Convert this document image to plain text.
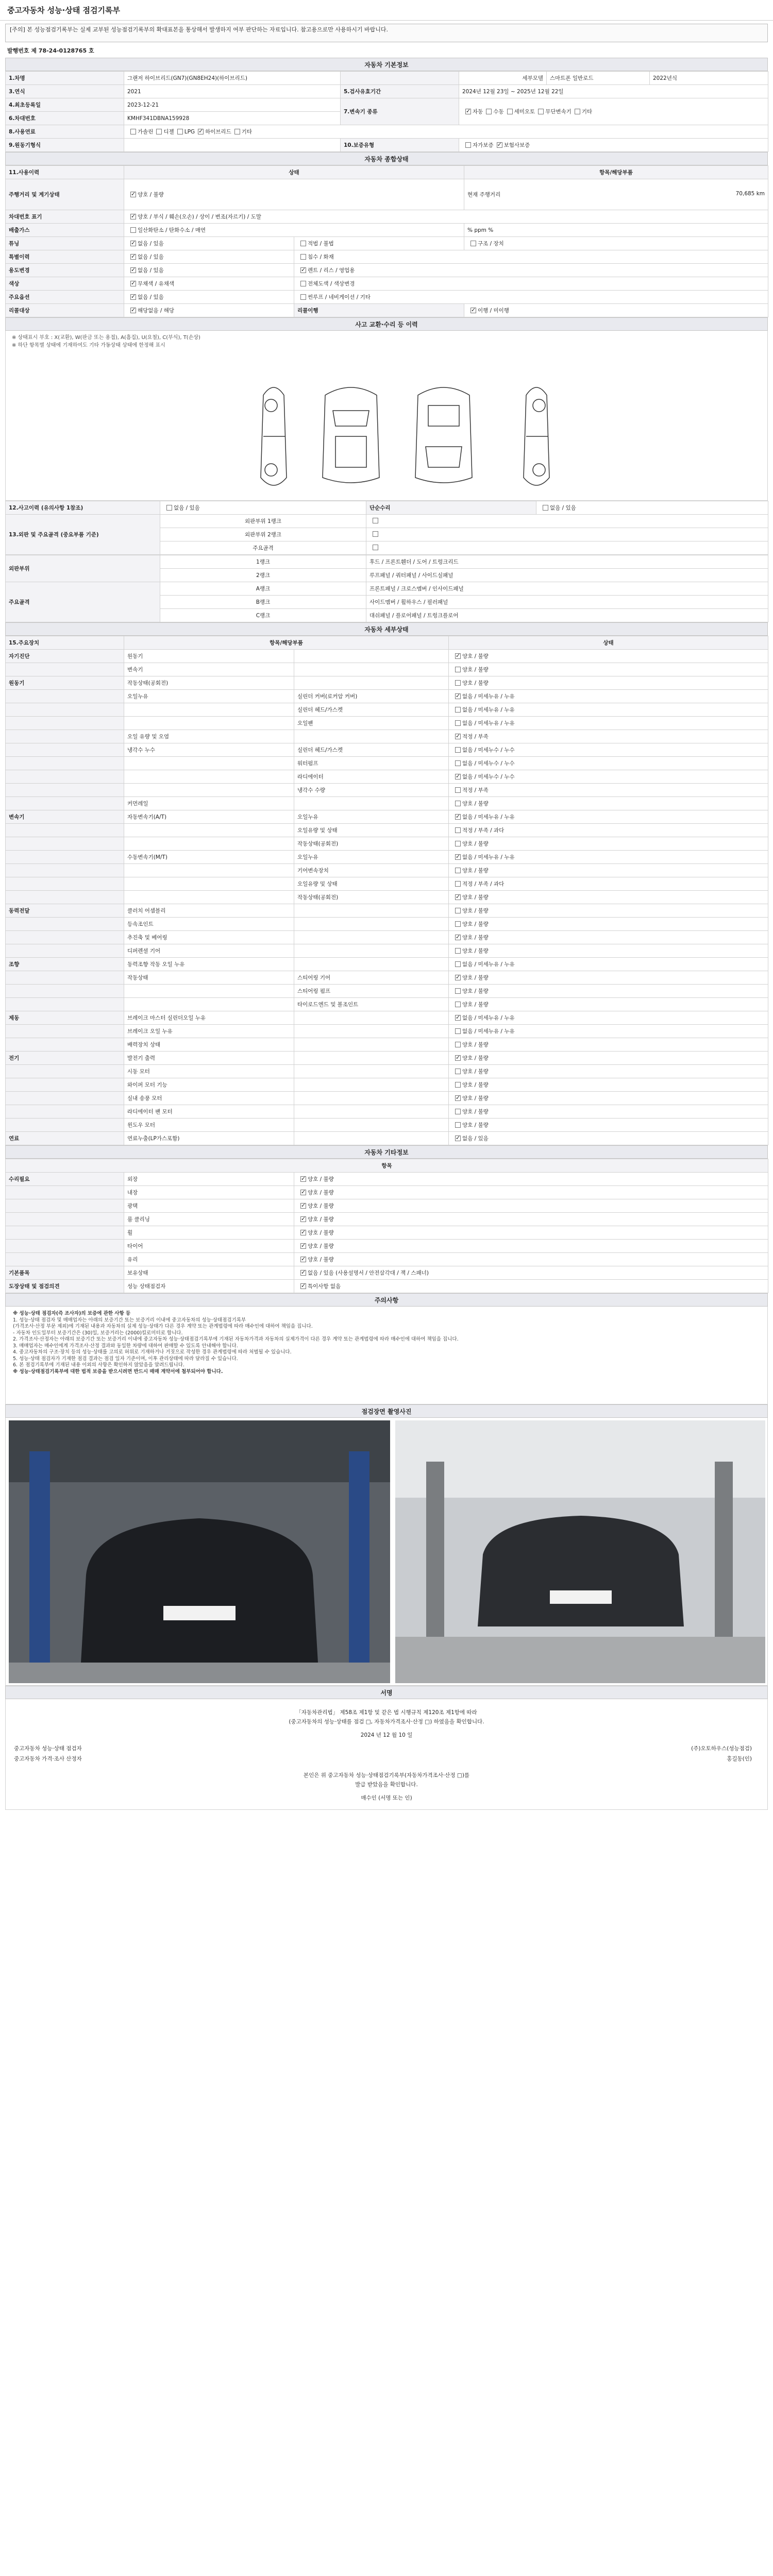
중고자동차 성능·상태 점검기록부
[주의] 본 성능점검기록부는 실제 교부된 성능점검기록부의 확대표본을 통상해서 발생하지 여부 판단하는 자료입니다. 참고용으로만 사용하시기 바랍니다.
발행번호 제 78-24-0128765 호
자동차 기본정보
1.차명	그랜저 하이브리드(GN7)(GN8EH24)(하이브리드)		세부모델	스마트폰 일반로드	2022년식
3.연식	2021	5.검사유효기간	2024년 12월 23일 ~ 2025년 12월 22일		
4.최초등록일	2023-12-21	7.변속기 종류	✓자동 수동 세미오토 무단변속기 기타
6.차대번호	KMHF341DBNA159928				
8.사용연료	가솔린 디젤 LPG ✓ 하이브리드 기타
9.원동기형식		10.보증유형	자가보증 ✓ 보험사보증
자동차 종합상태
11.사용이력	상태		항목/해당부품
주행거리 및 계기상태	✓양호 / 불량		현재 주행거리 70,685 km

차대번호 표기	✓양호 / 부식 / 훼손(오손) / 상이 / 변조(자르기) / 도말
배출가스	일산화탄소 / 탄화수소 / 매연		% ppm %
튜닝	✓없음 / 있음	적법 / 불법	구조 / 장치
특별이력	✓없음 / 있음	침수 / 화재	
용도변경	✓없음 / 있음	✓렌트 / 리스 / 영업용
색상	✓무채색 / 유채색	전체도색 / 색상변경	
주요옵션	✓없음 / 있음	썬루프 / 네비게이션 / 기타	
리콜대상	✓해당없음 / 해당	리콜이행	✓이행 / 미이행
사고 교환·수리 등 이력
※ 상태표시 부호 : X(교환), W(판금 또는 용접), A(흠집), U(요철), C(부식), T(손상)
※ 하단 항목별 상태에 기재하여도 기타 가동상태 상태에 한정해 표시
12.사고이력 (유의사항 1참조)	없음 / 있음	단순수리	없음 / 있음
13.외판 및 주요골격 (중요부품 기준)	외판부위 1랭크		
	외판부위 2랭크		
	주요골격		
외판부위	1랭크	후드 / 프론트휀더 / 도어 / 트렁크리드
	2랭크	루프패널 / 쿼터패널 / 사이드실패널
주요골격	A랭크	프론트패널 / 크로스멤버 / 인사이드패널
	B랭크	사이드멤버 / 휠하우스 / 필러패널
	C랭크	대쉬패널 / 플로어패널 / 트렁크플로어
자동차 세부상태
15.주요장치	항목/해당부품		상태
자기진단	원동기		✓양호 / 불량
	변속기		양호 / 불량
원동기	작동상태(공회전)		양호 / 불량
	오일누유	실린더 커버(로커암 커버)	✓없음 / 미세누유 / 누유
		실린더 헤드/가스켓	없음 / 미세누유 / 누유
		오일팬	없음 / 미세누유 / 누유
	오일 유량 및 오염		✓적정 / 부족
	냉각수 누수	실린더 헤드/가스켓	없음 / 미세누수 / 누수
		워터펌프	없음 / 미세누수 / 누수
		라디에이터	✓없음 / 미세누수 / 누수
		냉각수 수량	적정 / 부족
	커먼레일		양호 / 불량
변속기	자동변속기(A/T)	오일누유	✓없음 / 미세누유 / 누유
		오일유량 및 상태	적정 / 부족 / 과다
		작동상태(공회전)	양호 / 불량
	수동변속기(M/T)	오일누유	✓없음 / 미세누유 / 누유
		기어변속장치	양호 / 불량
		오일유량 및 상태	적정 / 부족 / 과다
		작동상태(공회전)	✓양호 / 불량
동력전달	클러치 어셈블리		양호 / 불량
	등속조인트		양호 / 불량
	추진축 및 베어링		✓양호 / 불량
	디퍼렌셜 기어		양호 / 불량
조향	동력조향 작동 오일 누유		없음 / 미세누유 / 누유
	작동상태	스티어링 기어	✓양호 / 불량
		스티어링 펌프	양호 / 불량
		타이로드엔드 및 볼조인트	양호 / 불량
제동	브레이크 마스터 실린더오일 누유		✓없음 / 미세누유 / 누유
	브레이크 오일 누유		없음 / 미세누유 / 누유
	배력장치 상태		양호 / 불량
전기	발전기 출력		✓양호 / 불량
	시동 모터		양호 / 불량
	와이퍼 모터 기능		양호 / 불량
	실내 송풍 모터		✓양호 / 불량
	라디에이터 팬 모터		양호 / 불량
	윈도우 모터		양호 / 불량
연료	연료누출(LP가스포함)		✓없음 / 있음
자동차 기타정보
항목		
수리필요	외장	✓양호 / 불량
	내장	✓양호 / 불량
	광택	✓양호 / 불량
	룸 클리닝	✓양호 / 불량
	휠	✓양호 / 불량
	타이어	✓양호 / 불량
	유리	✓양호 / 불량
기본품목	보유상태	✓없음 / 있음 (사용설명서 / 안전삼각대 / 잭 / 스패너)
도장상태 및 점검의견	성능 상태점검자	✓특이사항 없음
주의사항
※ 성능·상태 점검자(즉 조사자)의 보증에 관한 사항 등
1. 성능·상태 점검자 및 매매업자는 아래의 보증기간 또는 보증거리 이내에 중고자동차의 성능·상태점검기록부
(가격조사·산정 부문 제외)에 기재된 내용과 자동차의 실제 성능·상태가 다른 경우 계약 또는 관계법령에 따라 매수인에 대하여 책임을 집니다.
- 자동차 인도일부터 보증기간은 (30)일, 보증거리는 (2000)킬로미터로 합니다.
2. 가격조사·산정자는 아래의 보증기간 또는 보증거리 이내에 중고자동차 성능·상태점검기록부에 기재된 자동차가격과 자동차의 실제가격이 다른 경우 계약 또는 관계법령에 따라 매수인에 대하여 책임을 집니다.
3. 매매업자는 매수인에게 가격조사·산정 결과와 동일한 차량에 대하여 판매할 수 있도록 안내해야 합니다.
4. 중고자동차의 구조·장치 등의 성능·상태를 고의로 허위로 기재하거나 거짓으로 작성한 경우 관계법령에 따라 처벌될 수 있습니다.
5. 성능·상태 점검자가 기재한 점검 결과는 점검 일자 기준이며, 이후 관리상태에 따라 달라질 수 있습니다.
6. 본 점검기록부에 기재된 내용 이외의 사항은 확인하지 않았음을 알려드립니다.
※ 성능·상태점검기록부에 대한 법적 보증을 받으시려면 반드시 매매 계약서에 첨부되어야 합니다.
점검장면 촬영사진
서명
「자동차관리법」 제58조 제1항 및 같은 법 시행규칙 제120조 제1항에 따라
(중고자동차의 성능·상태를 점검 □, 자동차가격조사·산정 □) 하였음을 확인합니다.
2024 년 12 월 10 일
중고자동차 성능·상태 점검자	(주)오토하우스(성능점검)
중고자동차 가격·조사 산정자	홍길동(인)
본인은 위 중고자동차 성능·상태점검기록부(자동차가격조사·산정 □)를
발급 받았음을 확인합니다.
매수인 (서명 또는 인)
